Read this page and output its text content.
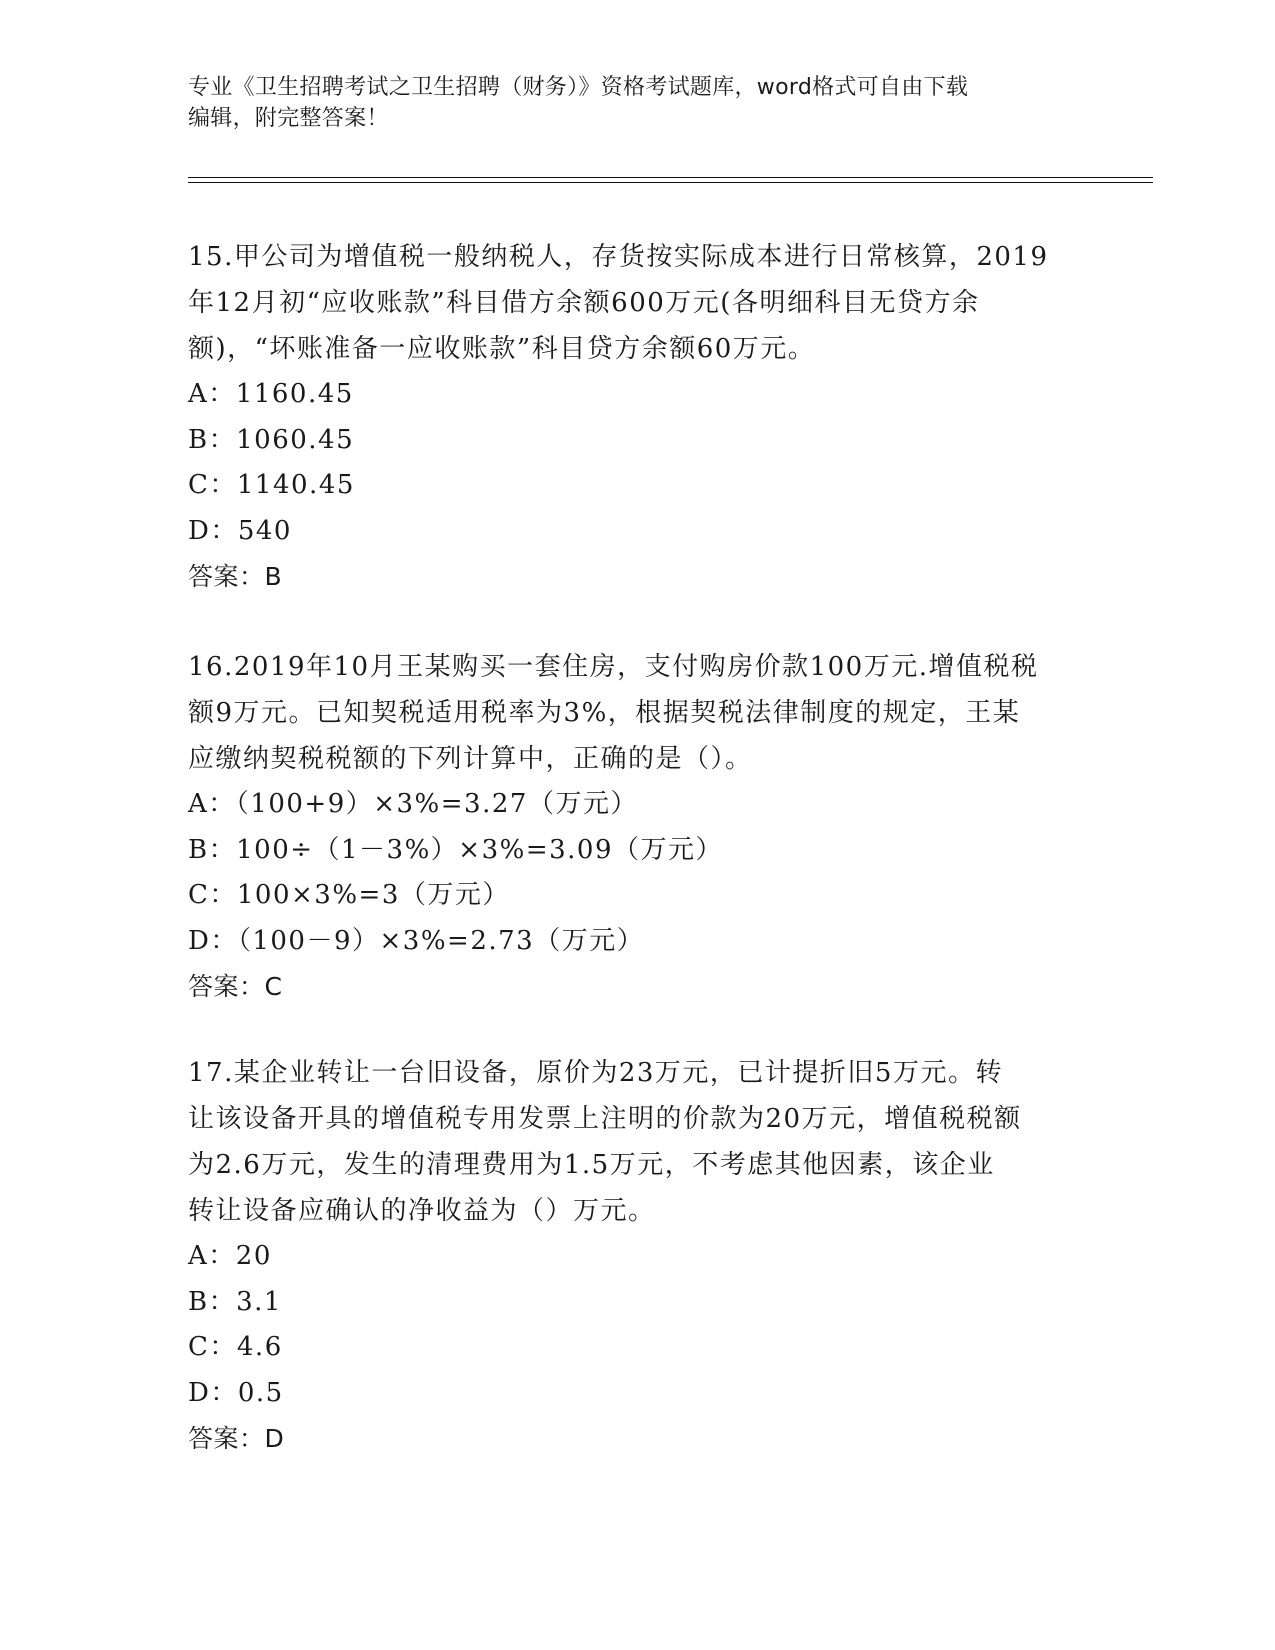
专业《卫生招聘考试之卫生招聘（财务）》资格考试题库，word格式可自由下载
编辑，附完整答案！
15.甲公司为增值税一般纳税人，存货按实际成本进行日常核算，2019
年12月初“应收账款”科目借方余额600万元(各明细科目无贷方余
额)，“坏账准备一应收账款”科目贷方余额60万元。
A：1160.45
B：1060.45
C：1140.45
D：540
答案：B
16.2019年10月王某购买一套住房，支付购房价款100万元.增值税税
额9万元。已知契税适用税率为3%，根据契税法律制度的规定，王某
应缴纳契税税额的下列计算中，正确的是（）。
A：（100+9）×3%=3.27（万元）
B：100÷（1－3%）×3%=3.09（万元）
C：100×3%=3（万元）
D：（100－9）×3%=2.73（万元）
答案：C
17.某企业转让一台旧设备，原价为23万元，已计提折旧5万元。转
让该设备开具的增值税专用发票上注明的价款为20万元，增值税税额
为2.6万元，发生的清理费用为1.5万元，不考虑其他因素，该企业
转让设备应确认的净收益为（）万元。
A：20
B：3.1
C：4.6
D：0.5
答案：D
